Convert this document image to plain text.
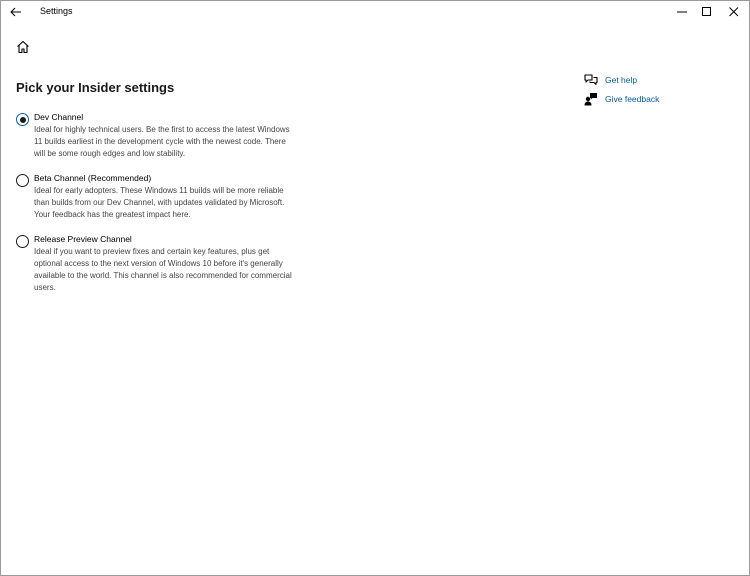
Settings
Pick your Insider settings
Dev Channel

Ideal for highly technical users. Be the first to access the latest Windows 11 builds earliest in the development cycle with the newest code. There will be some rough edges and low stability.

Beta Channel (Recommended)

Ideal for early adopters. These Windows 11 builds will be more reliable than builds from our Dev Channel, with updates validated by Microsoft. Your feedback has the greatest impact here.

Release Preview Channel

Ideal if you want to preview fixes and certain key features, plus get optional access to the next version of Windows 10 before it's generally available to the world. This channel is also recommended for commercial users.

Get help
Give feedback
